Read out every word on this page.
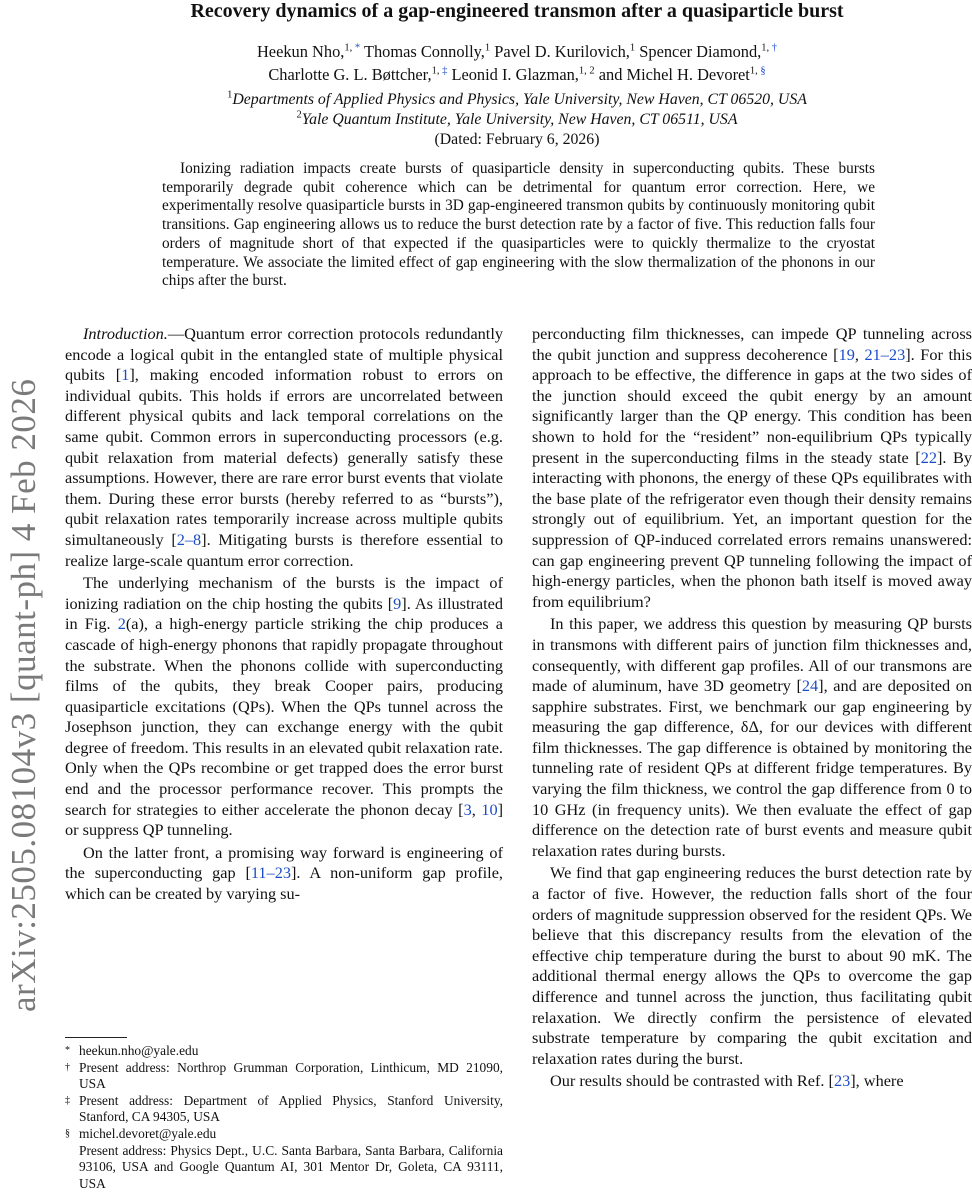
arXiv:2505.08104v3 [quant-ph] 4 Feb 2026
Recovery dynamics of a gap-engineered transmon after a quasiparticle burst
Heekun Nho,$^{1,}$ * Thomas Connolly,$^1$ Pavel D. Kurilovich,$^1$ Spencer Diamond,$^{1,}$ †
Charlotte G. L. Bøttcher,$^{1,}$ ‡ Leonid I. Glazman,$^{1, 2}$ and Michel H. Devoret$^{1,}$ §
$^1$Departments of Applied Physics and Physics, Yale University, New Haven, CT 06520, USA
$^2$Yale Quantum Institute, Yale University, New Haven, CT 06511, USA
(Dated: February 6, 2026)
Ionizing radiation impacts create bursts of quasiparticle density in superconducting qubits. These bursts temporarily degrade qubit coherence which can be detrimental for quantum error correction. Here, we experimentally resolve quasiparticle bursts in 3D gap-engineered transmon qubits by continuously monitoring qubit transitions. Gap engineering allows us to reduce the burst detection rate by a factor of five. This reduction falls four orders of magnitude short of that expected if the quasiparticles were to quickly thermalize to the cryostat temperature. We associate the limited effect of gap engineering with the slow thermalization of the phonons in our chips after the burst.

Introduction.—Quantum error correction protocols redundantly encode a logical qubit in the entangled state of multiple physical qubits [1], making encoded information robust to errors on individual qubits. This holds if errors are uncorrelated between different physical qubits and lack temporal correlations on the same qubit. Common errors in superconducting processors (e.g. qubit relaxation from material defects) generally satisfy these assumptions. However, there are rare error burst events that violate them. During these error bursts (hereby referred to as “bursts”), qubit relaxation rates temporarily increase across multiple qubits simultaneously [2–8]. Mitigating bursts is therefore essential to realize large-scale quantum error correction.

The underlying mechanism of the bursts is the impact of ionizing radiation on the chip hosting the qubits [9]. As illustrated in Fig. 2(a), a high-energy particle striking the chip produces a cascade of high-energy phonons that rapidly propagate throughout the substrate. When the phonons collide with superconducting films of the qubits, they break Cooper pairs, producing quasiparticle excitations (QPs). When the QPs tunnel across the Josephson junction, they can exchange energy with the qubit degree of freedom. This results in an elevated qubit relaxation rate. Only when the QPs recombine or get trapped does the error burst end and the processor performance recover. This prompts the search for strategies to either accelerate the phonon decay [3, 10] or suppress QP tunneling.

On the latter front, a promising way forward is engineering of the superconducting gap [11–23]. A non-uniform gap profile, which can be created by varying su-

perconducting film thicknesses, can impede QP tunneling across the qubit junction and suppress decoherence [19, 21–23]. For this approach to be effective, the difference in gaps at the two sides of the junction should exceed the qubit energy by an amount significantly larger than the QP energy. This condition has been shown to hold for the “resident” non-equilibrium QPs typically present in the superconducting films in the steady state [22]. By interacting with phonons, the energy of these QPs equilibrates with the base plate of the refrigerator even though their density remains strongly out of equilibrium. Yet, an important question for the suppression of QP-induced correlated errors remains unanswered: can gap engineering prevent QP tunneling following the impact of high-energy particles, when the phonon bath itself is moved away from equilibrium?

In this paper, we address this question by measuring QP bursts in transmons with different pairs of junction film thicknesses and, consequently, with different gap profiles. All of our transmons are made of aluminum, have 3D geometry [24], and are deposited on sapphire substrates. First, we benchmark our gap engineering by measuring the gap difference, δΔ, for our devices with different film thicknesses. The gap difference is obtained by monitoring the tunneling rate of resident QPs at different fridge temperatures. By varying the film thickness, we control the gap difference from 0 to 10 GHz (in frequency units). We then evaluate the effect of gap difference on the detection rate of burst events and measure qubit relaxation rates during bursts.

We find that gap engineering reduces the burst detection rate by a factor of five. However, the reduction falls short of the four orders of magnitude suppression observed for the resident QPs. We believe that this discrepancy results from the elevation of the effective chip temperature during the burst to about 90 mK. The additional thermal energy allows the QPs to overcome the gap difference and tunnel across the junction, thus facilitating qubit relaxation. We directly confirm the persistence of elevated substrate temperature by comparing the qubit excitation and relaxation rates during the burst.

Our results should be contrasted with Ref. [23], where

* heekun.nho@yale.edu
† Present address: Northrop Grumman Corporation, Linthicum, MD 21090, USA
‡ Present address: Department of Applied Physics, Stanford University, Stanford, CA 94305, USA
§ michel.devoret@yale.edu
Present address: Physics Dept., U.C. Santa Barbara, Santa Barbara, California 93106, USA and Google Quantum AI, 301 Mentor Dr, Goleta, CA 93111, USA
